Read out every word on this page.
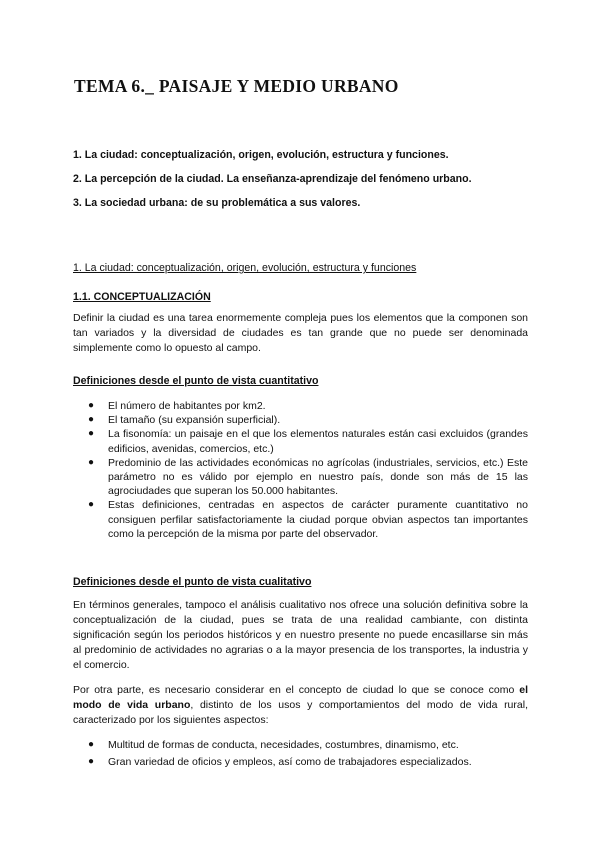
TEMA 6._ PAISAJE Y MEDIO URBANO

1. La ciudad: conceptualización, origen, evolución, estructura y funciones.

2. La percepción de la ciudad. La enseñanza-aprendizaje del fenómeno urbano.

3. La sociedad urbana: de su problemática a sus valores.

1. La ciudad: conceptualización, origen, evolución, estructura y funciones

1.1. CONCEPTUALIZACIÓN

Definir la ciudad es una tarea enormemente compleja pues los elementos que la componen son tan variados y la diversidad de ciudades es tan grande que no puede ser denominada simplemente como lo opuesto al campo.

Definiciones desde el punto de vista cuantitativo

● El número de habitantes por km2.
● El tamaño (su expansión superficial).
● La fisonomía: un paisaje en el que los elementos naturales están casi excluidos (grandes edificios, avenidas, comercios, etc.)
● Predominio de las actividades económicas no agrícolas (industriales, servicios, etc.) Este parámetro no es válido por ejemplo en nuestro país, donde son más de 15 las agrociudades que superan los 50.000 habitantes.
● Estas definiciones, centradas en aspectos de carácter puramente cuantitativo no consiguen perfilar satisfactoriamente la ciudad porque obvian aspectos tan importantes como la percepción de la misma por parte del observador.

Definiciones desde el punto de vista cualitativo

En términos generales, tampoco el análisis cualitativo nos ofrece una solución definitiva sobre la conceptualización de la ciudad, pues se trata de una realidad cambiante, con distinta significación según los periodos históricos y en nuestro presente no puede encasillarse sin más al predominio de actividades no agrarias o a la mayor presencia de los transportes, la industria y el comercio.

Por otra parte, es necesario considerar en el concepto de ciudad lo que se conoce como el modo de vida urbano, distinto de los usos y comportamientos del modo de vida rural, caracterizado por los siguientes aspectos:

● Multitud de formas de conducta, necesidades, costumbres, dinamismo, etc.
● Gran variedad de oficios y empleos, así como de trabajadores especializados.
